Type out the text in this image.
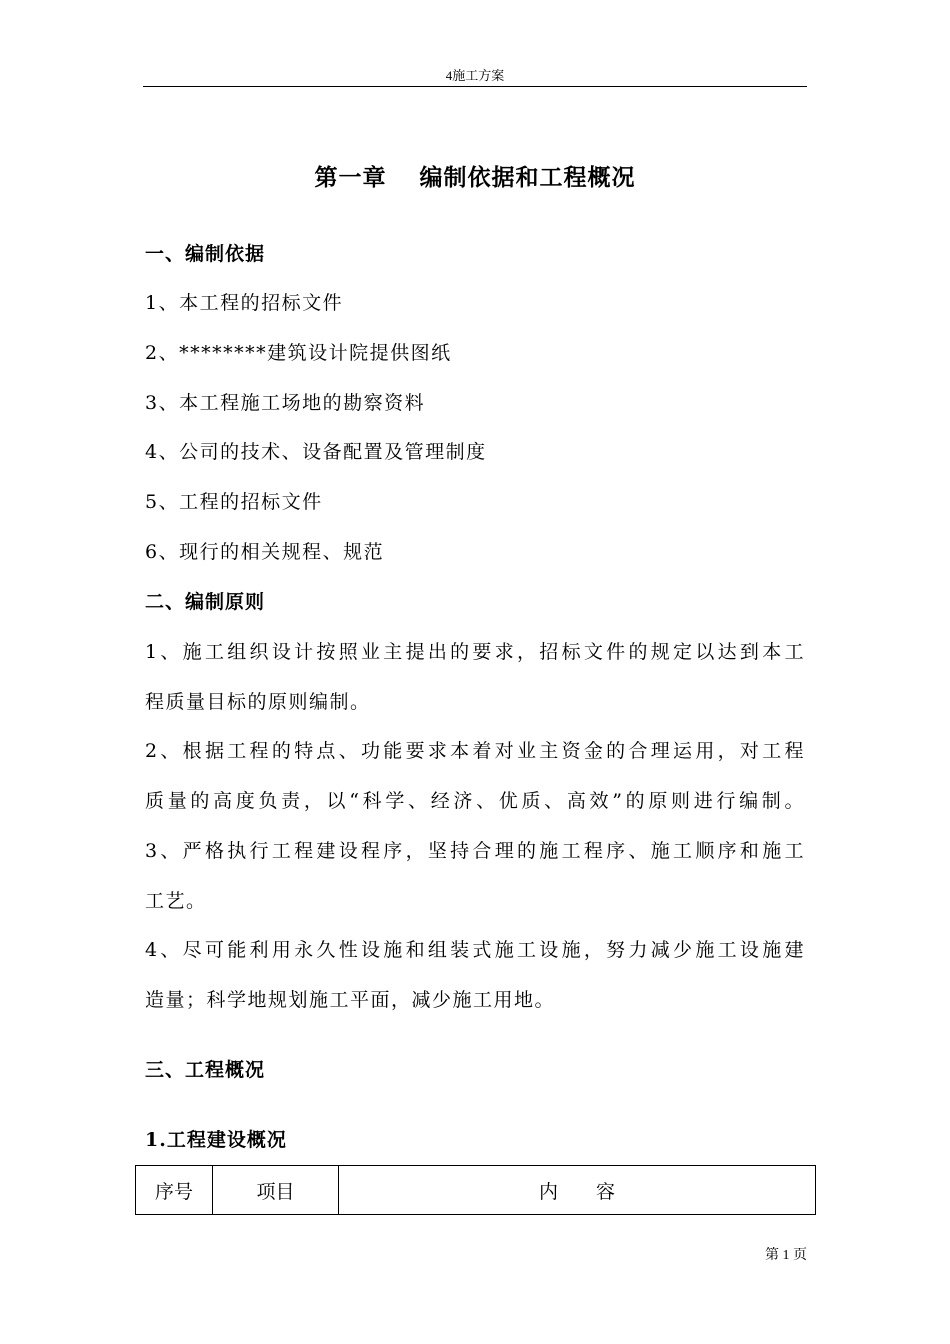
4施工方案
第一章　 编制依据和工程概况
一、编制依据
1、本工程的招标文件
2、********建筑设计院提供图纸
3、本工程施工场地的勘察资料
4、公司的技术、设备配置及管理制度
5、工程的招标文件
6、现行的相关规程、规范
二、编制原则
1、施工组织设计按照业主提出的要求，招标文件的规定以达到本工
程质量目标的原则编制。
2、根据工程的特点、功能要求本着对业主资金的合理运用，对工程
质量的高度负责，以“科学、经济、优质、高效”的原则进行编制。
3、严格执行工程建设程序，坚持合理的施工程序、施工顺序和施工
工艺。
4、尽可能利用永久性设施和组装式施工设施，努力减少施工设施建
造量；科学地规划施工平面，减少施工用地。
三、工程概况
1.工程建设概况
序号	项目	内　　容
第 1 页
